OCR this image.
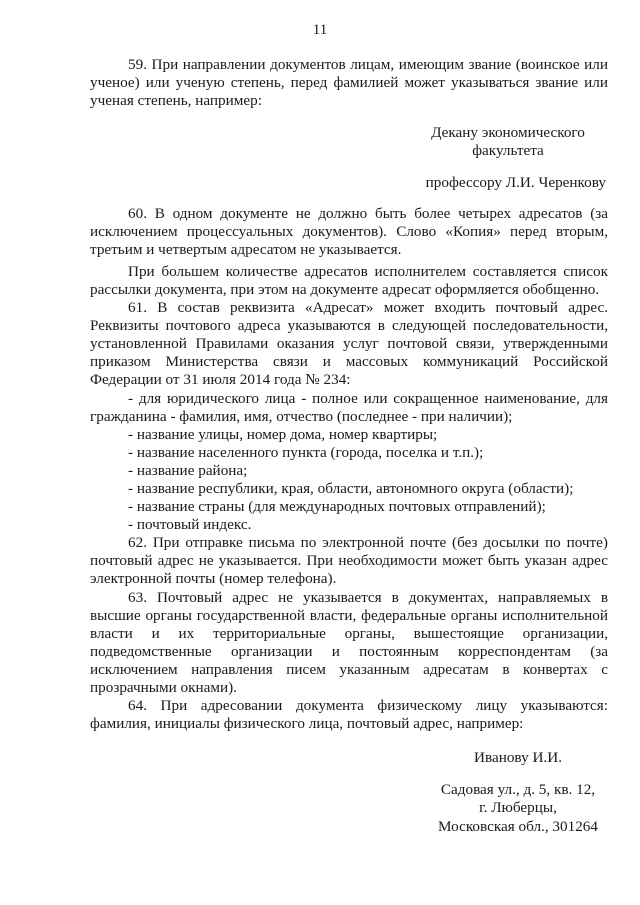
11

59. При направлении документов лицам, имеющим звание (воинское или ученое) или ученую степень, перед фамилией может указываться звание или ученая степень, например:

Декану экономического
факультета
профессору Л.И. Черенкову

60. В одном документе не должно быть более четырех адресатов (за исключением процессуальных документов). Слово «Копия» перед вторым, третьим и четвертым адресатом не указывается.

При большем количестве адресатов исполнителем составляется список рассылки документа, при этом на документе адресат оформляется обобщенно.

61. В состав реквизита «Адресат» может входить почтовый адрес. Реквизиты почтового адреса указываются в следующей последовательности, установленной Правилами оказания услуг почтовой связи, утвержденными приказом Министерства связи и массовых коммуникаций Российской Федерации от 31 июля 2014 года № 234:

- для юридического лица - полное или сокращенное наименование, для гражданина - фамилия, имя, отчество (последнее - при наличии);

- название улицы, номер дома, номер квартиры;

- название населенного пункта (города, поселка и т.п.);

- название района;

- название республики, края, области, автономного округа (области);

- название страны (для международных почтовых отправлений);

- почтовый индекс.

62. При отправке письма по электронной почте (без досылки по почте) почтовый адрес не указывается. При необходимости может быть указан адрес электронной почты (номер телефона).

63. Почтовый адрес не указывается в документах, направляемых в высшие органы государственной власти, федеральные органы исполнительной власти и их территориальные органы, вышестоящие организации, подведомственные организации и постоянным корреспондентам (за исключением направления писем указанным адресатам в конвертах с прозрачными окнами).

64. При адресовании документа физическому лицу указываются: фамилия, инициалы физического лица, почтовый адрес, например:

Иванову И.И.
Садовая ул., д. 5, кв. 12,
г. Люберцы,
Московская обл., 301264
